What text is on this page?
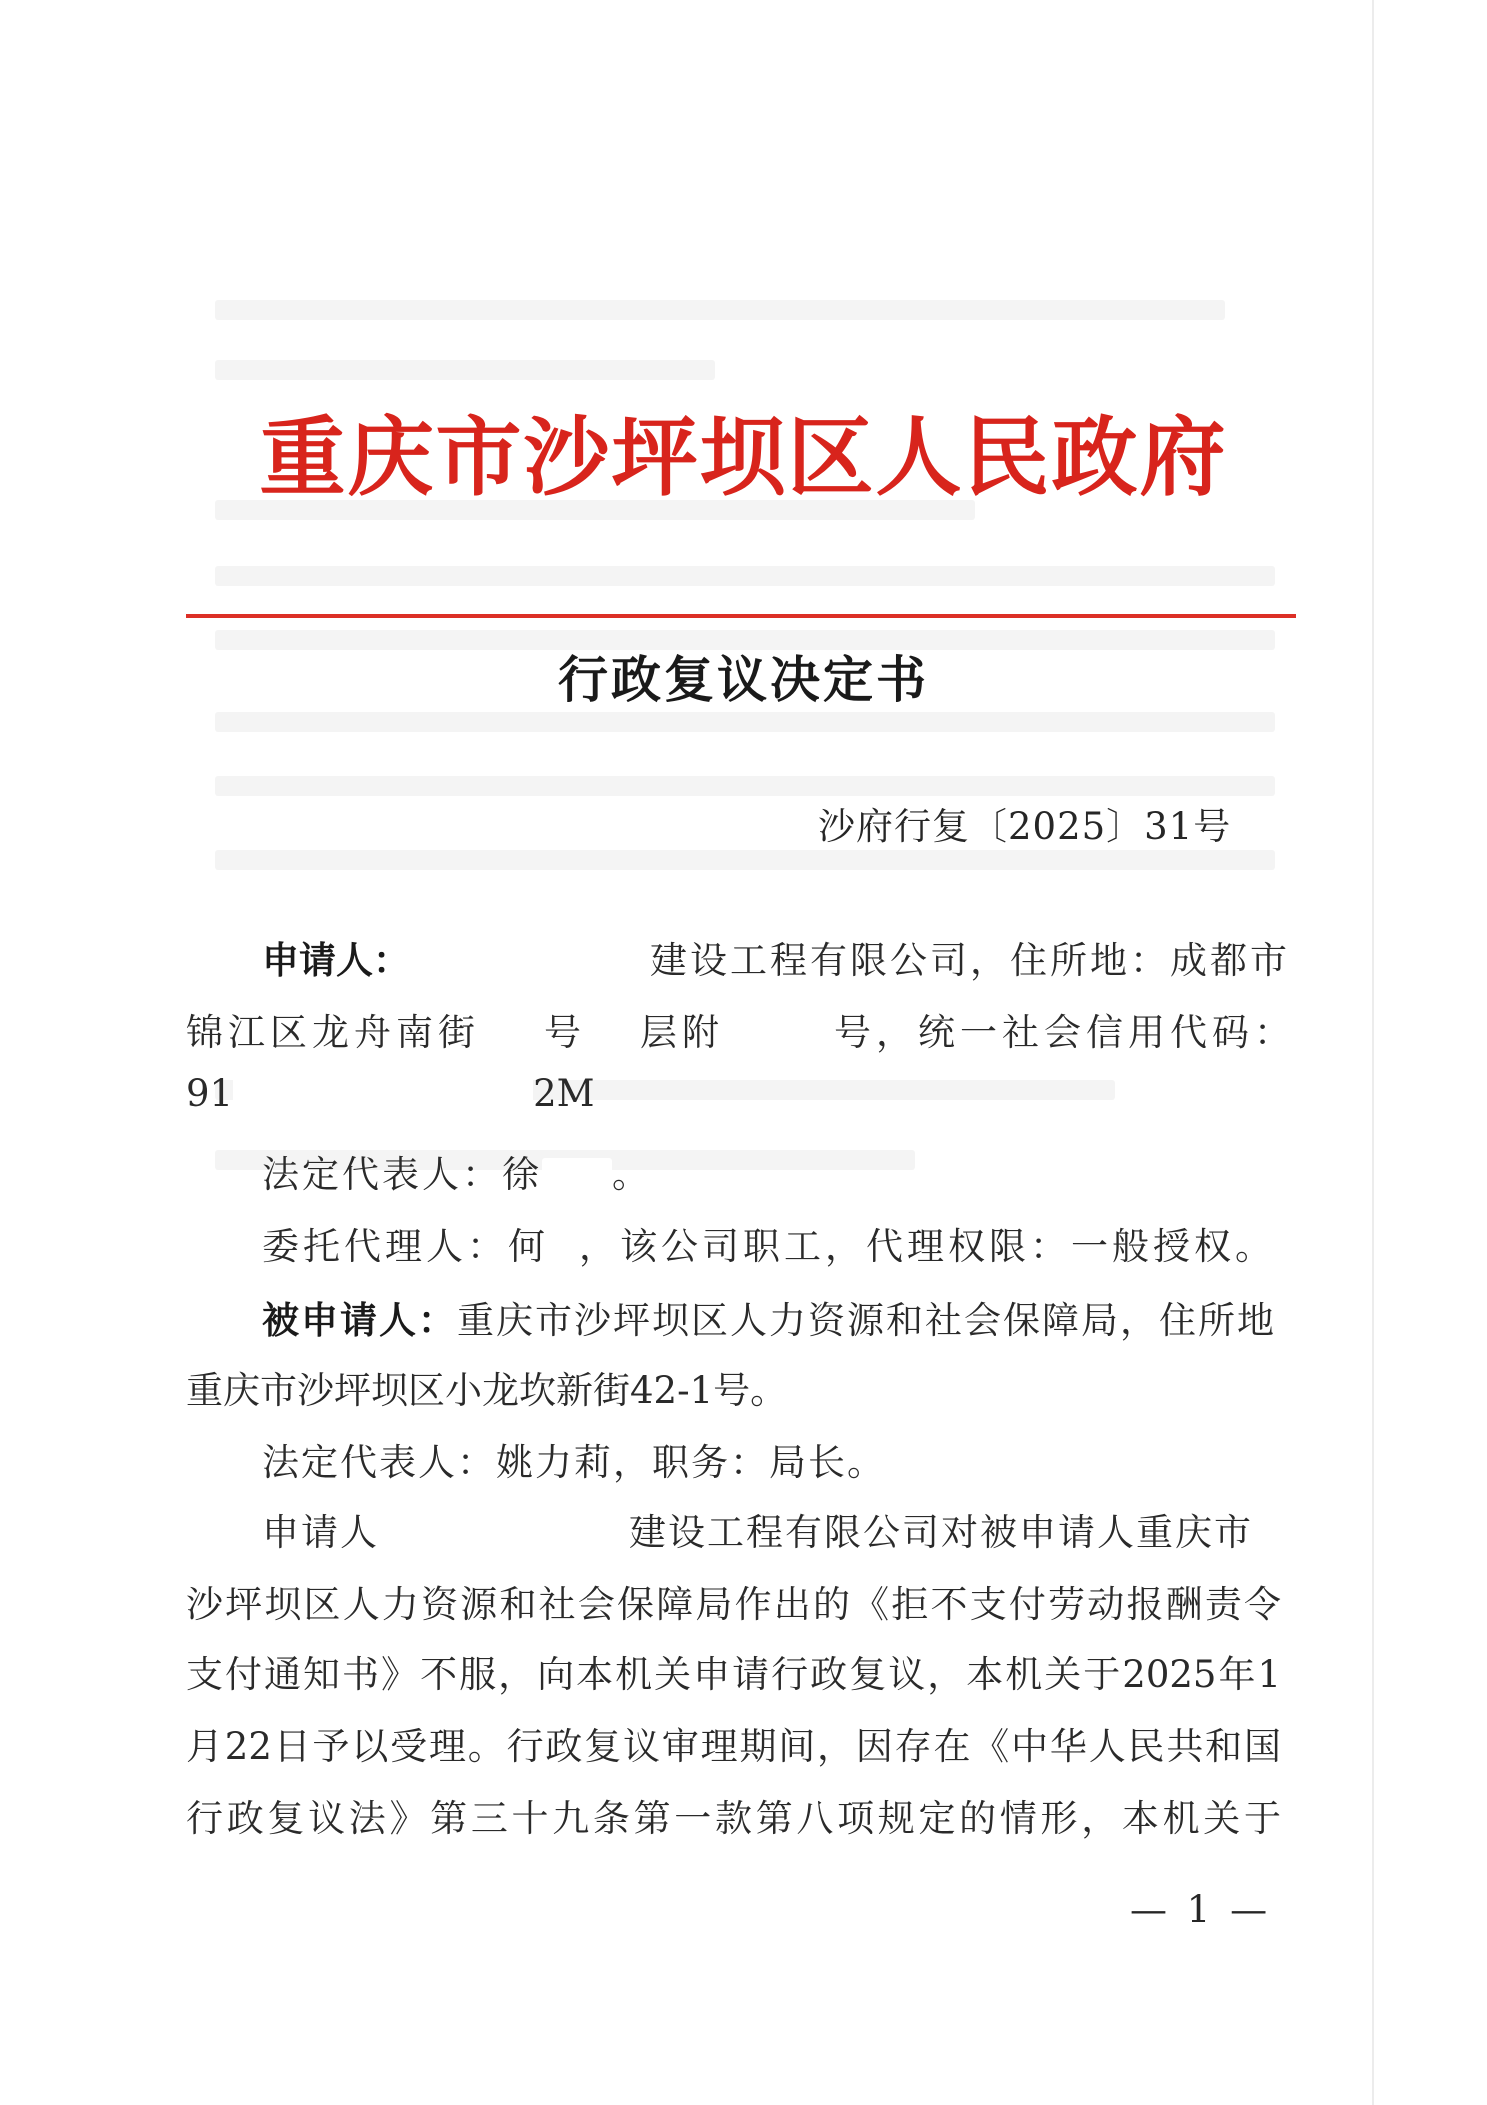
重庆市沙坪坝区人民政府
行政复议决定书
沙府行复〔2025〕31号
申请人：	建设工程有限公司，住所地：成都市
锦江区龙舟南街 号 层附	号，统一社会信用代码：
91	2M
法定代表人：徐 。
委托代理人：何 ，该公司职工，代理权限：一般授权。
被申请人：重庆市沙坪坝区人力资源和社会保障局，住所地
重庆市沙坪坝区小龙坎新街42-1号。
法定代表人：姚力莉，职务：局长。
申请人	建设工程有限公司对被申请人重庆市
沙坪坝区人力资源和社会保障局作出的《拒不支付劳动报酬责令
支付通知书》不服，向本机关申请行政复议，本机关于2025年1
月22日予以受理。行政复议审理期间，因存在《中华人民共和国
行政复议法》第三十九条第一款第八项规定的情形，本机关于
— 1 —
